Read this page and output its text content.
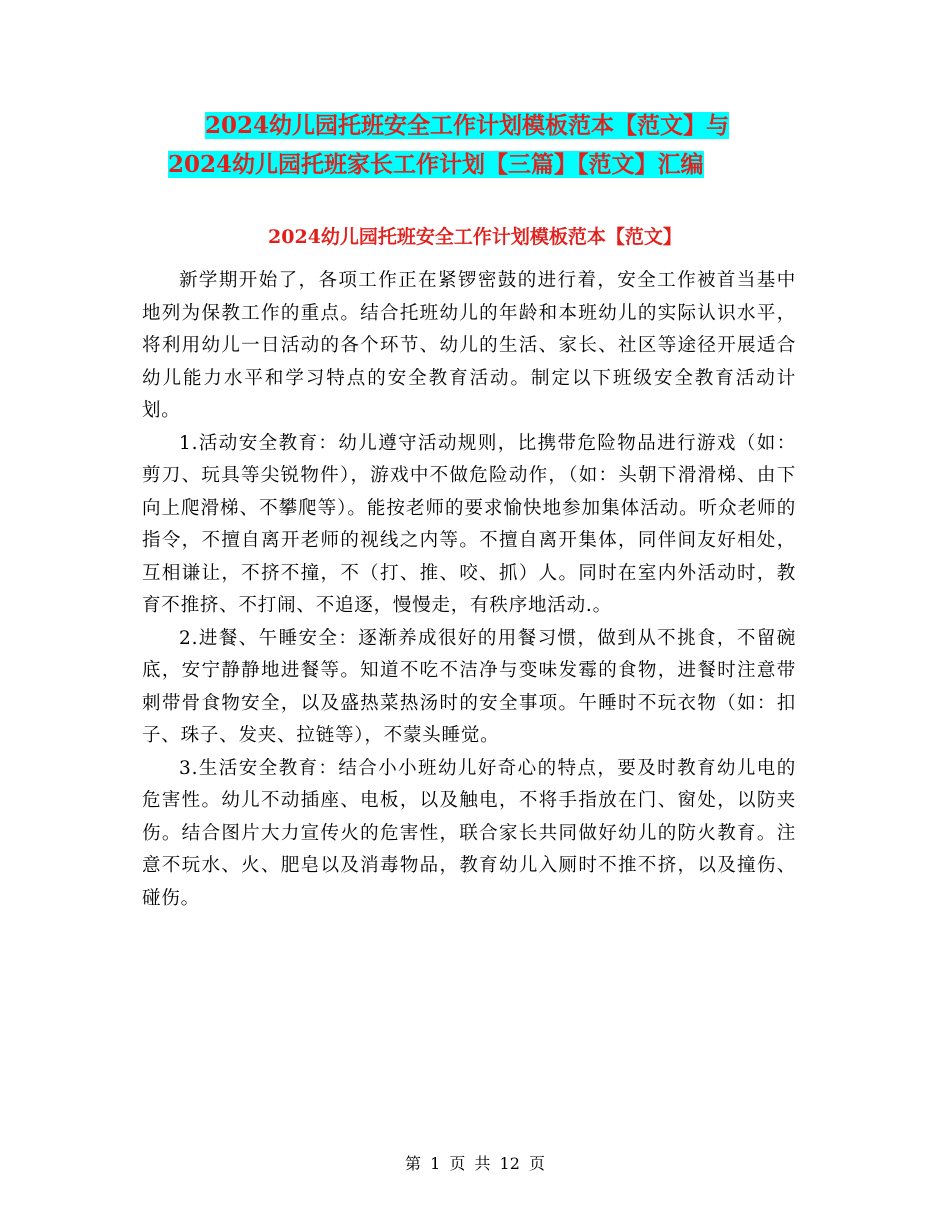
2024幼儿园托班安全工作计划模板范本【范文】与
2024幼儿园托班家长工作计划【三篇】【范文】汇编
2024幼儿园托班安全工作计划模板范本【范文】

新学期开始了，各项工作正在紧锣密鼓的进行着，安全工作被首当基中地列为保教工作的重点。结合托班幼儿的年龄和本班幼儿的实际认识水平，将利用幼儿一日活动的各个环节、幼儿的生活、家长、社区等途径开展适合幼儿能力水平和学习特点的安全教育活动。制定以下班级安全教育活动计划。

1.活动安全教育：幼儿遵守活动规则，比携带危险物品进行游戏（如：剪刀、玩具等尖锐物件），游戏中不做危险动作，（如：头朝下滑滑梯、由下向上爬滑梯、不攀爬等）。能按老师的要求愉快地参加集体活动。听众老师的指令，不擅自离开老师的视线之内等。不擅自离开集体，同伴间友好相处，互相谦让，不挤不撞，不（打、推、咬、抓）人。同时在室内外活动时，教育不推挤、不打闹、不追逐，慢慢走，有秩序地活动.。

2.进餐、午睡安全：逐渐养成很好的用餐习惯，做到从不挑食，不留碗底，安宁静静地进餐等。知道不吃不洁净与变味发霉的食物，进餐时注意带刺带骨食物安全，以及盛热菜热汤时的安全事项。午睡时不玩衣物（如：扣子、珠子、发夹、拉链等），不蒙头睡觉。

3.生活安全教育：结合小小班幼儿好奇心的特点，要及时教育幼儿电的危害性。幼儿不动插座、电板，以及触电，不将手指放在门、窗处，以防夹伤。结合图片大力宣传火的危害性，联合家长共同做好幼儿的防火教育。注意不玩水、火、肥皂以及消毒物品，教育幼儿入厕时不推不挤，以及撞伤、碰伤。

第 1 页 共 12 页
